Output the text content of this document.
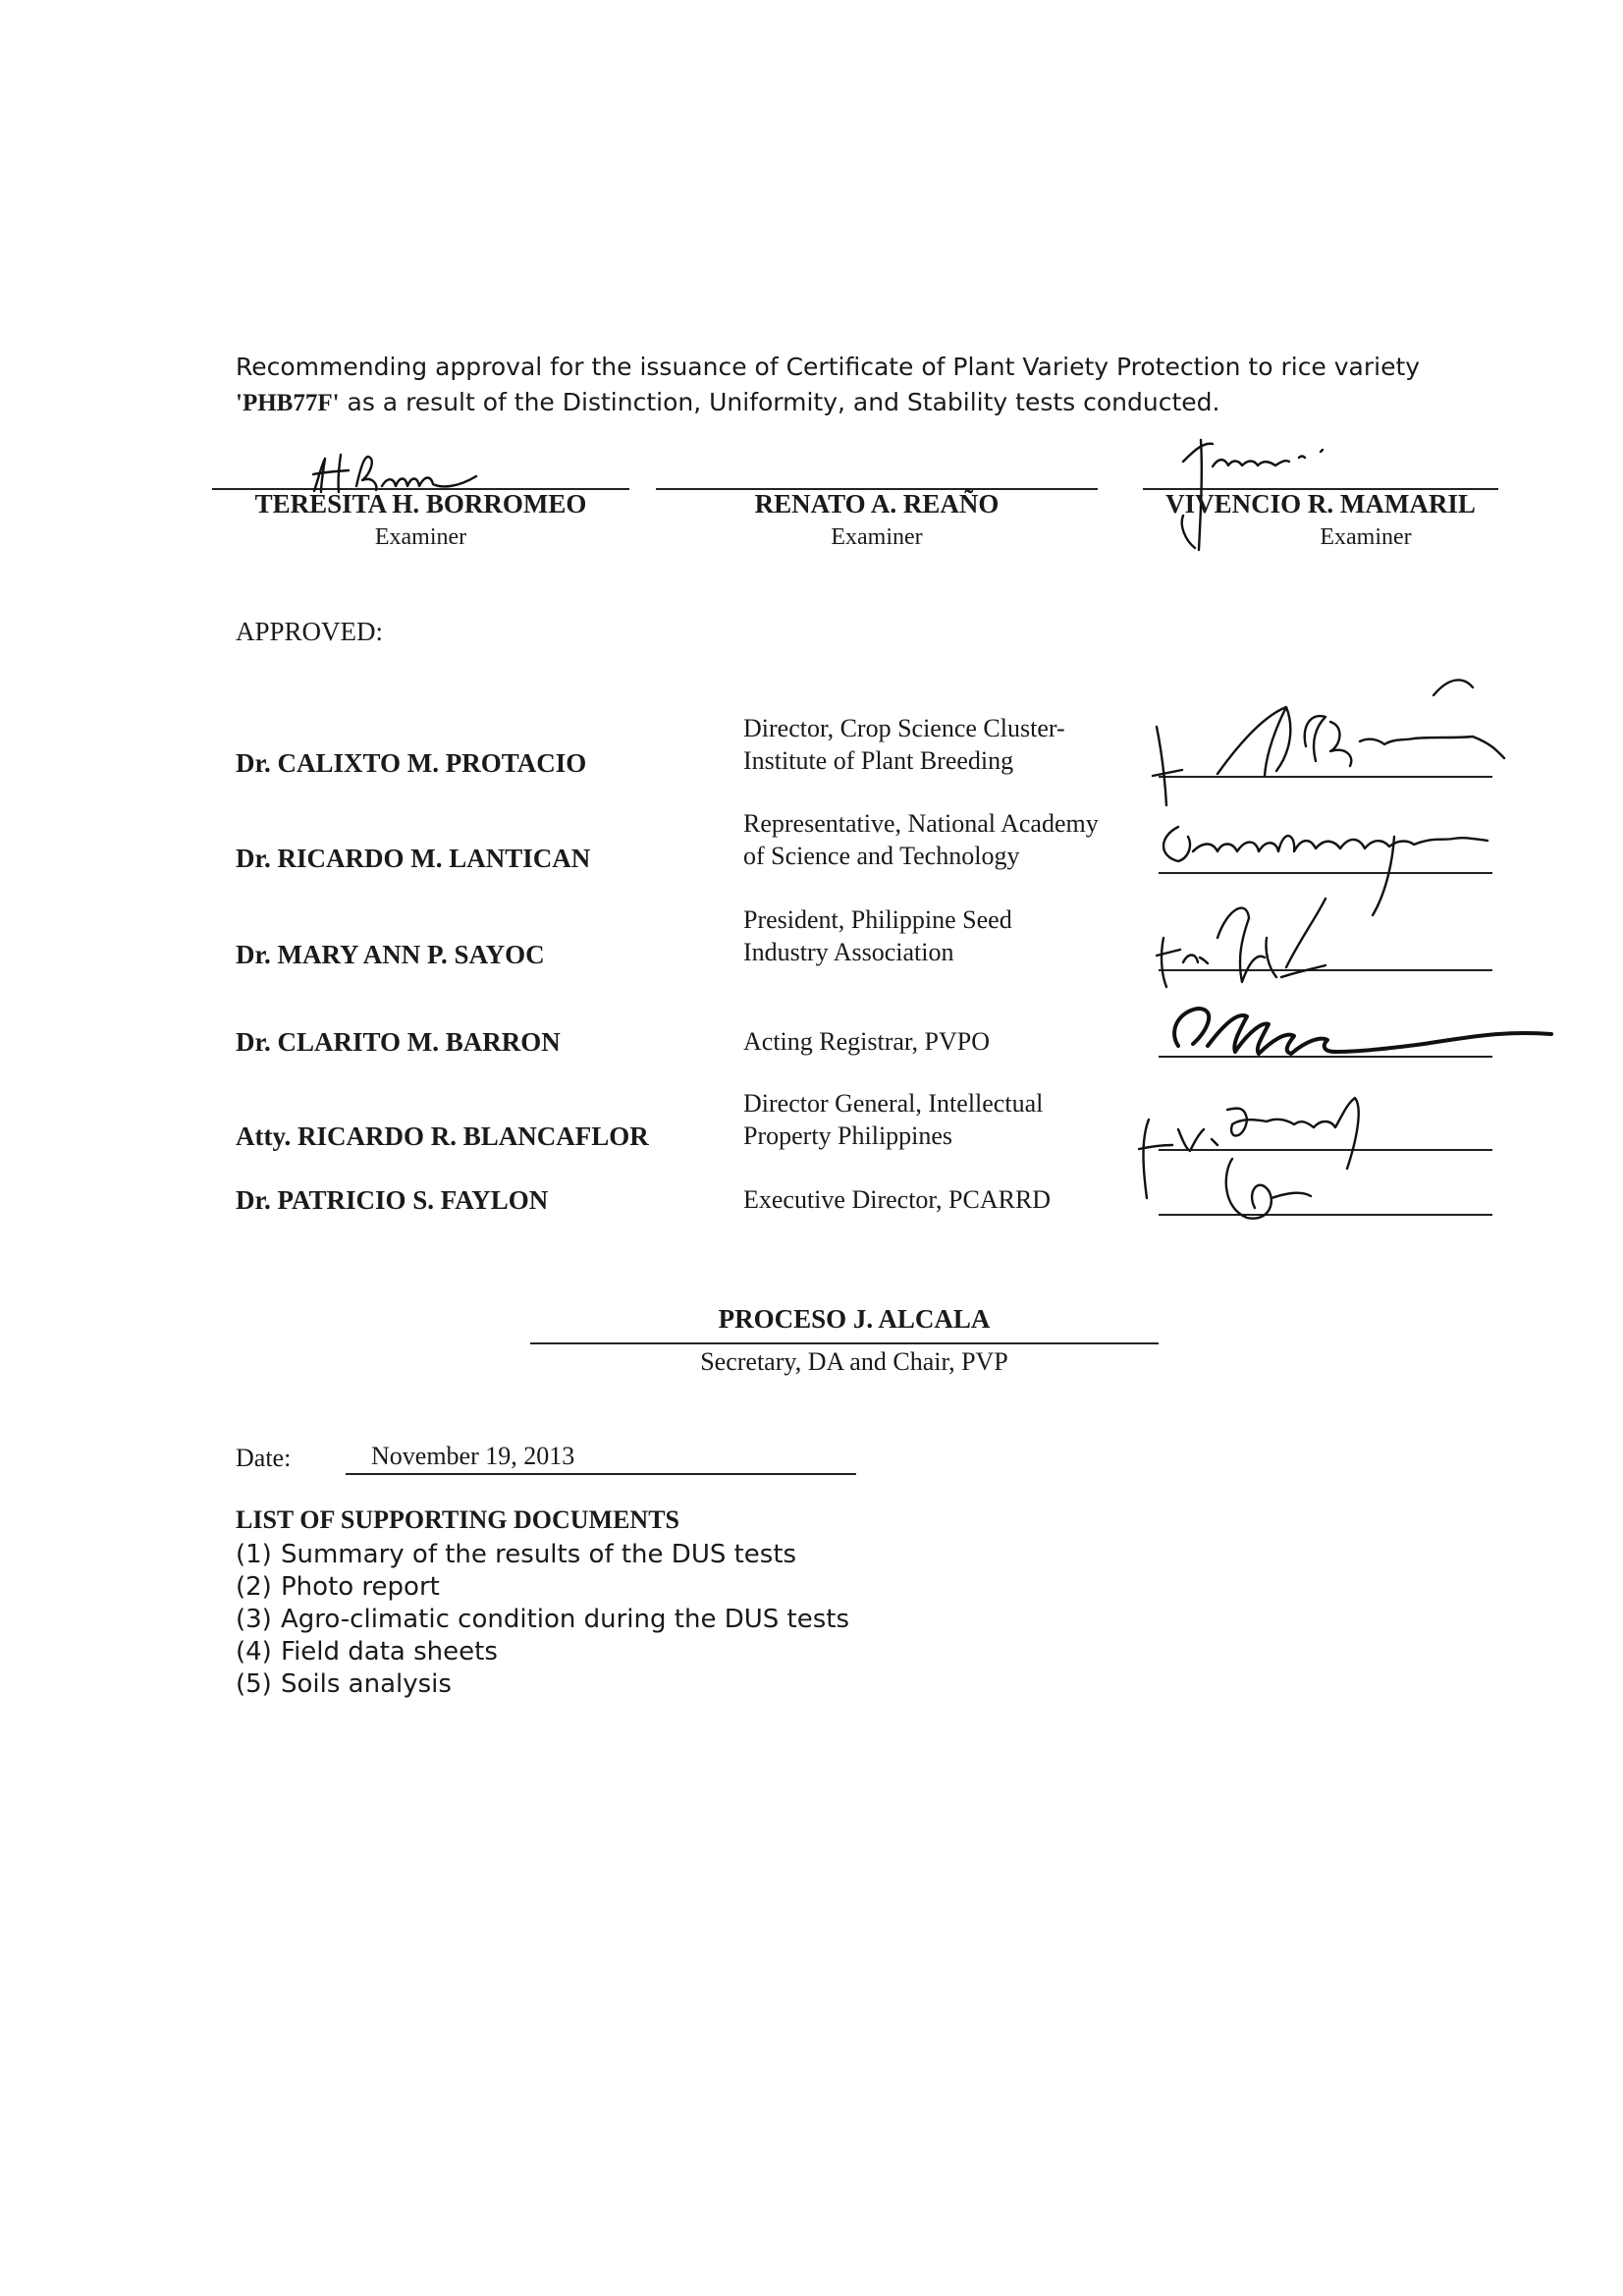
Recommending approval for the issuance of Certificate of Plant Variety Protection to rice variety 'PHB77F' as a result of the Distinction, Uniformity, and Stability tests conducted.
TERESITA H. BORROMEO
Examiner
RENATO A. REAÑO
Examiner
VIVENCIO R. MAMARIL
Examiner
APPROVED:
Dr. CALIXTO M. PROTACIO
Dr. RICARDO M. LANTICAN
Dr. MARY ANN P. SAYOC
Dr. CLARITO M. BARRON
Atty. RICARDO R. BLANCAFLOR
Dr. PATRICIO S. FAYLON
Director, Crop Science Cluster-
Institute of Plant Breeding
Representative, National Academy
of Science and Technology
President, Philippine Seed
Industry Association
Acting Registrar, PVPO
Director General, Intellectual
Property Philippines
Executive Director, PCARRD
PROCESO J. ALCALA
Secretary, DA and Chair, PVP
Date:	November 19, 2013
LIST OF SUPPORTING DOCUMENTS
(1) Summary of the results of the DUS tests
(2) Photo report
(3) Agro-climatic condition during the DUS tests
(4) Field data sheets
(5) Soils analysis
